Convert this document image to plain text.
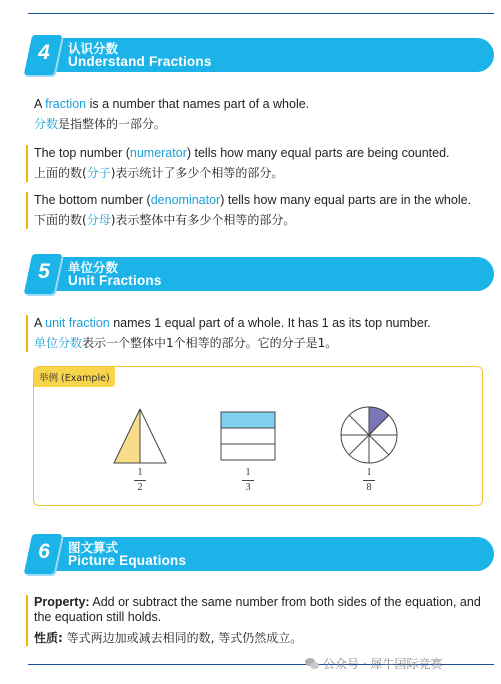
4	认识分数
Understand Fractions
A fraction is a number that names part of a whole.
分数是指整体的一部分。
The top number (numerator) tells how many equal parts are being counted.
上面的数(分子)表示统计了多少个相等的部分。
The bottom number (denominator) tells how many equal parts are in the whole.
下面的数(分母)表示整体中有多少个相等的部分。
5	单位分数
Unit Fractions
A unit fraction names 1 equal part of a whole. It has 1 as its top number.
单位分数表示一个整体中1个相等的部分。它的分子是1。
举例 (Example)
1
2
1
3
1
8
6	图文算式
Picture Equations
Property: Add or subtract the same number from both sides of the equation, and the equation still holds.
性质: 等式两边加或减去相同的数, 等式仍然成立。
公众号 · 犀牛国际竞赛
